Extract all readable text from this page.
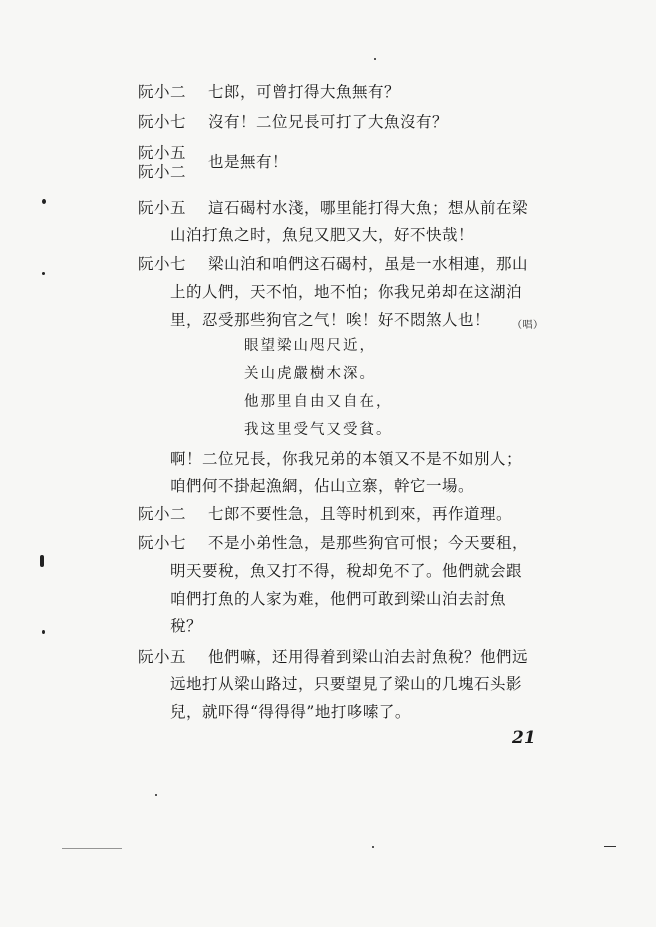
阮小二 七郎，可曾打得大魚無有？
阮小七 沒有！二位兄長可打了大魚沒有？
阮小五
阮小二
也是無有！
阮小五 這石碣村水淺，哪里能打得大魚；想从前在梁
山泊打魚之时，魚兒又肥又大，好不快哉！
阮小七 梁山泊和咱們这石碣村，虽是一水相連，那山
上的人們，天不怕，地不怕；你我兄弟却在这湖泊
里，忍受那些狗官之气！唉！好不悶煞人也！ （唱）
眼望梁山咫尺近，
关山虎嚴樹木深。
他那里自由又自在，
我这里受气又受貧。
啊！二位兄長，你我兄弟的本領又不是不如別人；
咱們何不掛起漁網，佔山立寨，幹它一場。
阮小二 七郎不要性急，且等时机到來，再作道理。
阮小七 不是小弟性急，是那些狗官可恨；今天要租，
明天要稅，魚又打不得，稅却免不了。他們就会跟
咱們打魚的人家为难，他們可敢到梁山泊去討魚
稅？
阮小五 他們嘛，还用得着到梁山泊去討魚稅？他們远
远地打从梁山路过，只要望見了梁山的几塊石头影
兒，就吓得“得得得”地打哆嗦了。
21
